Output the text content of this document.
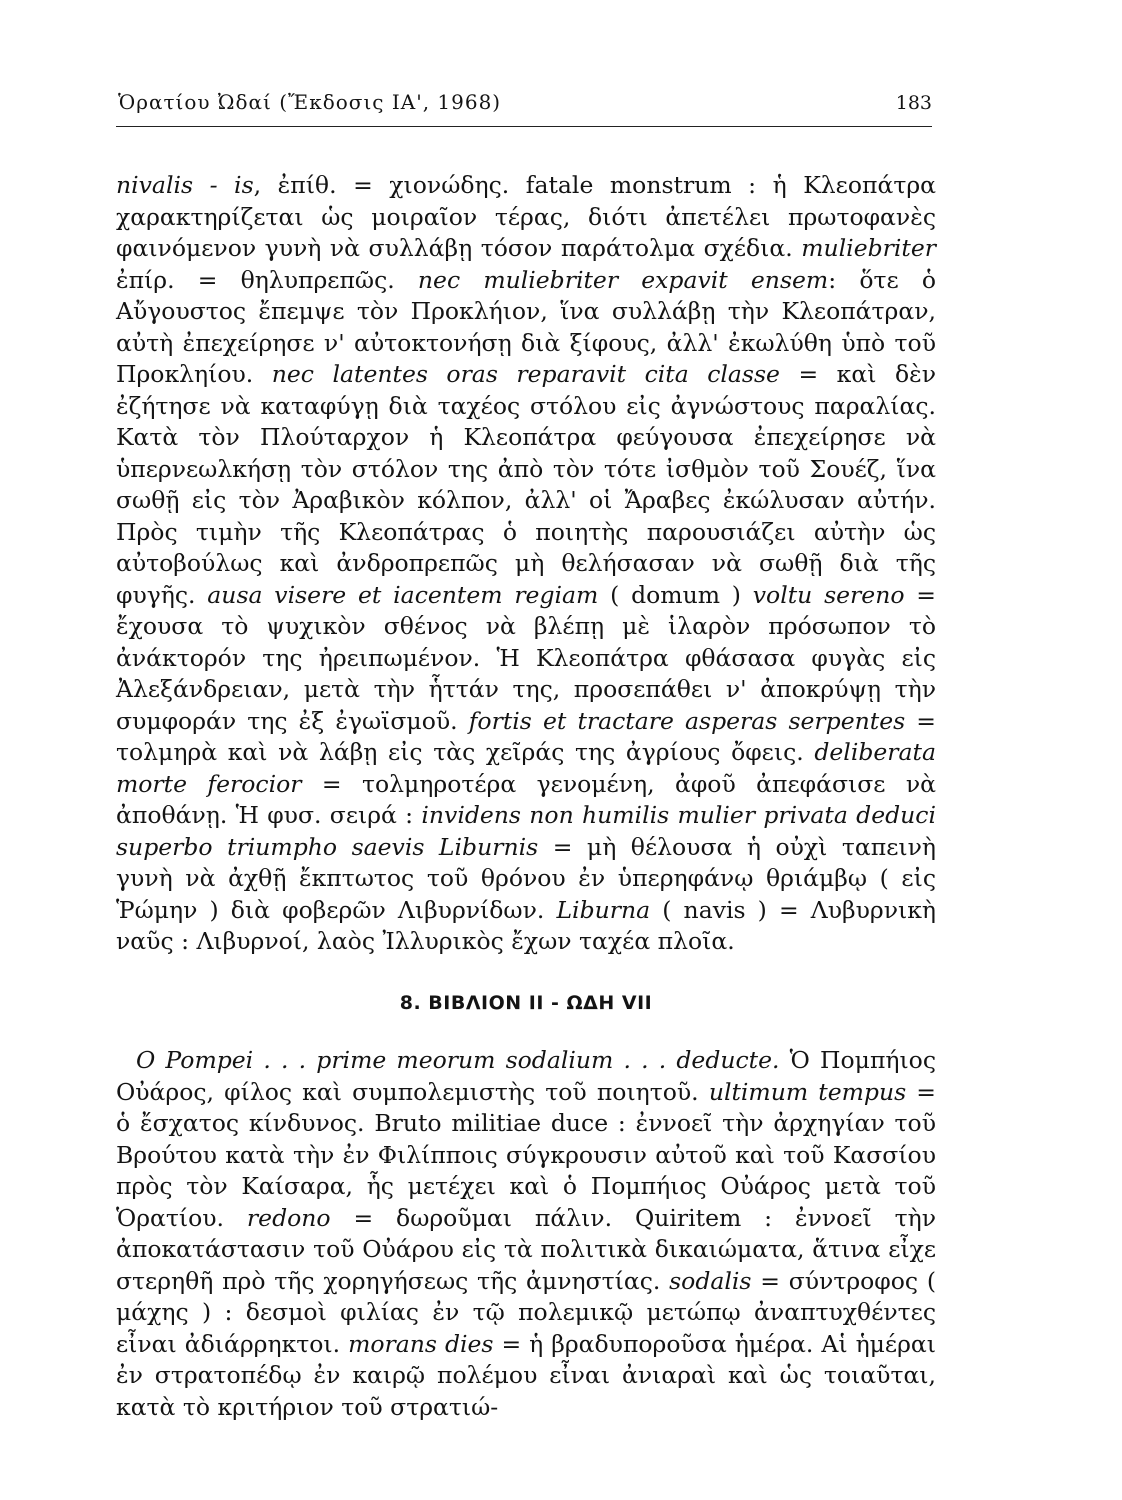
Ὁρατίου Ὠδαί (Ἔκδοσις ΙΑ', 1968)	183

nivalis - is, ἐπίθ. = χιονώδης. fatale monstrum : ἡ Κλεοπάτρα χαρακτηρίζεται ὡς μοιραῖον τέρας, διότι ἀπετέλει πρωτοφανὲς φαινόμενον γυνὴ νὰ συλλάβῃ τόσον παράτολμα σχέδια. muliebriter ἐπίρ. = θηλυπρεπῶς. nec muliebriter expavit ensem: ὅτε ὁ Αὔγουστος ἔπεμψε τὸν Προκλήιον, ἵνα συλλάβῃ τὴν Κλεοπάτραν, αὐτὴ ἐπεχείρησε ν' αὐτοκτονήσῃ διὰ ξίφους, ἀλλ' ἐκωλύθη ὑπὸ τοῦ Προκληίου. nec latentes oras reparavit cita classe = καὶ δὲν ἐζήτησε νὰ καταφύγῃ διὰ ταχέος στόλου εἰς ἀγνώστους παραλίας. Κατὰ τὸν Πλούταρχον ἡ Κλεοπάτρα φεύγουσα ἐπεχείρησε νὰ ὑπερνεωλκήσῃ τὸν στόλον της ἀπὸ τὸν τότε ἰσθμὸν τοῦ Σουέζ, ἵνα σωθῇ εἰς τὸν Ἀραβικὸν κόλπον, ἀλλ' οἱ Ἄραβες ἐκώλυσαν αὐτήν. Πρὸς τιμὴν τῆς Κλεοπάτρας ὁ ποιητὴς παρουσιάζει αὐτὴν ὡς αὐτοβούλως καὶ ἀνδροπρεπῶς μὴ θελήσασαν νὰ σωθῇ διὰ τῆς φυγῆς. ausa visere et iacentem regiam ( domum ) voltu sereno = ἔχουσα τὸ ψυχικὸν σθένος νὰ βλέπῃ μὲ ἱλαρὸν πρόσωπον τὸ ἀνάκτορόν της ἠρειπωμένον. Ἡ Κλεοπάτρα φθάσασα φυγὰς εἰς Ἀλεξάνδρειαν, μετὰ τὴν ἧττάν της, προσεπάθει ν' ἀποκρύψῃ τὴν συμφοράν της ἐξ ἐγωϊσμοῦ. fortis et tractare asperas serpentes = τολμηρὰ καὶ νὰ λάβῃ εἰς τὰς χεῖράς της ἀγρίους ὄφεις. deliberata morte ferocior = τολμηροτέρα γενομένη, ἀφοῦ ἀπεφάσισε νὰ ἀποθάνῃ. Ἡ φυσ. σειρά : invidens non humilis mulier privata deduci superbo triumpho saevis Liburnis = μὴ θέλουσα ἡ οὐχὶ ταπεινὴ γυνὴ νὰ ἀχθῇ ἔκπτωτος τοῦ θρόνου ἐν ὑπερηφάνῳ θριάμβῳ ( εἰς Ῥώμην ) διὰ φοβερῶν Λιβυρνίδων. Liburna ( navis ) = Λυβυρνικὴ ναῦς : Λιβυρνοί, λαὸς Ἰλλυρικὸς ἔχων ταχέα πλοῖα.

8. ΒΙΒΛΙΟΝ ΙΙ - ΩΔΗ VII

O Pompei . . . prime meorum sodalium . . . deducte. Ὁ Πομπήιος Οὐάρος, φίλος καὶ συμπολεμιστὴς τοῦ ποιητοῦ. ultimum tempus = ὁ ἔσχατος κίνδυνος. Bruto militiae duce : ἐννοεῖ τὴν ἀρχηγίαν τοῦ Βρούτου κατὰ τὴν ἐν Φιλίπποις σύγκρουσιν αὐτοῦ καὶ τοῦ Κασσίου πρὸς τὸν Καίσαρα, ἧς μετέχει καὶ ὁ Πομπήιος Οὐάρος μετὰ τοῦ Ὁρατίου. redono = δωροῦμαι πάλιν. Quiritem : ἐννοεῖ τὴν ἀποκατάστασιν τοῦ Οὐάρου εἰς τὰ πολιτικὰ δικαιώματα, ἅτινα εἶχε στερηθῆ πρὸ τῆς χορηγήσεως τῆς ἀμνηστίας. sodalis = σύντροφος ( μάχης ) : δεσμοὶ φιλίας ἐν τῷ πολεμικῷ μετώπῳ ἀναπτυχθέντες εἶναι ἀδιάρρηκτοι. morans dies = ἡ βραδυποροῦσα ἡμέρα. Αἱ ἡμέραι ἐν στρατοπέδῳ ἐν καιρῷ πολέμου εἶναι ἀνιαραὶ καὶ ὡς τοιαῦται, κατὰ τὸ κριτήριον τοῦ στρατιώ-
